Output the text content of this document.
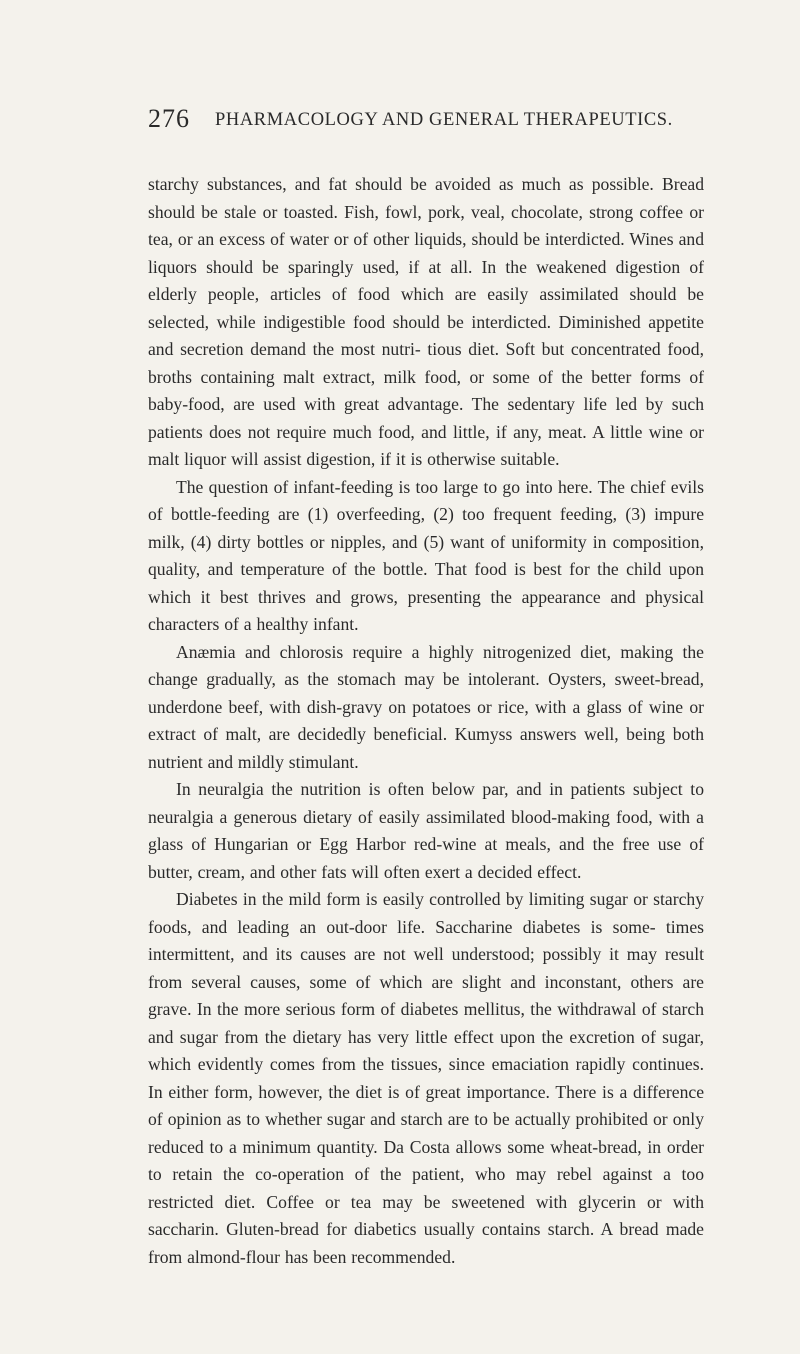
276 PHARMACOLOGY AND GENERAL THERAPEUTICS.

starchy substances, and fat should be avoided as much as possible. Bread should be stale or toasted. Fish, fowl, pork, veal, chocolate, strong coffee or tea, or an excess of water or of other liquids, should be interdicted. Wines and liquors should be sparingly used, if at all. In the weakened digestion of elderly people, articles of food which are easily assimilated should be selected, while indigestible food should be interdicted. Diminished appetite and secretion demand the most nutri- tious diet. Soft but concentrated food, broths containing malt extract, milk food, or some of the better forms of baby-food, are used with great advantage. The sedentary life led by such patients does not require much food, and little, if any, meat. A little wine or malt liquor will assist digestion, if it is otherwise suitable.

The question of infant-feeding is too large to go into here. The chief evils of bottle-feeding are (1) overfeeding, (2) too frequent feeding, (3) impure milk, (4) dirty bottles or nipples, and (5) want of uniformity in composition, quality, and temperature of the bottle. That food is best for the child upon which it best thrives and grows, presenting the appearance and physical characters of a healthy infant.

Anæmia and chlorosis require a highly nitrogenized diet, making the change gradually, as the stomach may be intolerant. Oysters, sweet-bread, underdone beef, with dish-gravy on potatoes or rice, with a glass of wine or extract of malt, are decidedly beneficial. Kumyss answers well, being both nutrient and mildly stimulant.

In neuralgia the nutrition is often below par, and in patients subject to neuralgia a generous dietary of easily assimilated blood-making food, with a glass of Hungarian or Egg Harbor red-wine at meals, and the free use of butter, cream, and other fats will often exert a decided effect.

Diabetes in the mild form is easily controlled by limiting sugar or starchy foods, and leading an out-door life. Saccharine diabetes is some- times intermittent, and its causes are not well understood; possibly it may result from several causes, some of which are slight and inconstant, others are grave. In the more serious form of diabetes mellitus, the withdrawal of starch and sugar from the dietary has very little effect upon the excretion of sugar, which evidently comes from the tissues, since emaciation rapidly continues. In either form, however, the diet is of great importance. There is a difference of opinion as to whether sugar and starch are to be actually prohibited or only reduced to a minimum quantity. Da Costa allows some wheat-bread, in order to retain the co-operation of the patient, who may rebel against a too restricted diet. Coffee or tea may be sweetened with glycerin or with saccharin. Gluten-bread for diabetics usually contains starch. A bread made from almond-flour has been recommended.
